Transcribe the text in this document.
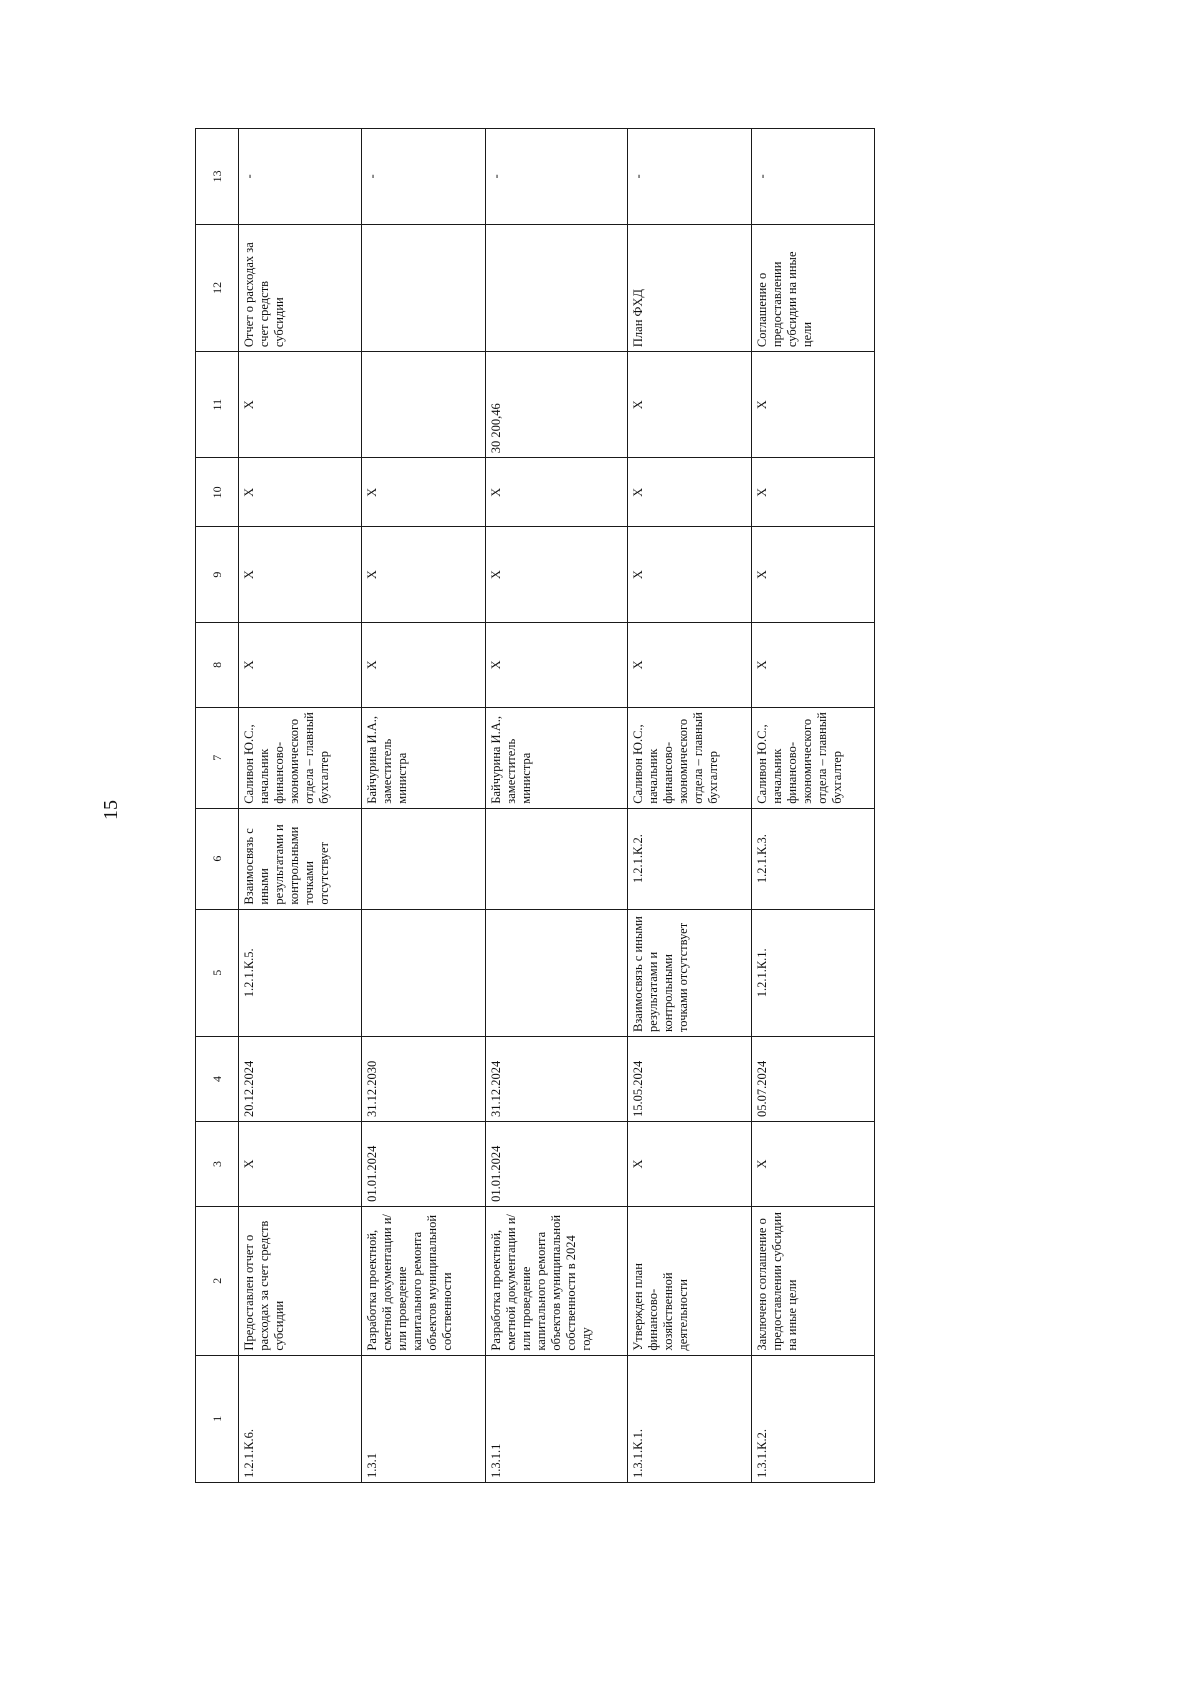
15
1	2	3	4	5	6	7	8	9	10	11	12	13
1.2.1.К.6.	Предоставлен отчет о расходах за счет средств субсидии	Х	20.12.2024	1.2.1.К.5.	Взаимосвязь с иными результатами и контрольными точками отсутствует	Саливон Ю.С., начальник финансово-экономического отдела – главный бухгалтер	Х	Х	Х	Х	Отчет о расходах за счет средств субсидии	-
1.3.1	Разработка проектной, сметной документации и/или проведение капитального ремонта объектов муниципальной собственности	01.01.2024	31.12.2030			Байчурина И.А., заместитель министра	Х	Х	Х			-
1.3.1.1	Разработка проектной, сметной документации и/или проведение капитального ремонта объектов муниципальной собственности в 2024 году	01.01.2024	31.12.2024			Байчурина И.А., заместитель министра	Х	Х	Х	30 200,46		-
1.3.1.К.1.	Утвержден план финансово-хозяйственной деятельности	Х	15.05.2024	Взаимосвязь с иными результатами и контрольными точками отсутствует	1.2.1.К.2.	Саливон Ю.С., начальник финансово-экономического отдела – главный бухгалтер	Х	Х	Х	Х	План ФХД	-
1.3.1.К.2.	Заключено соглашение о предоставлении субсидии на иные цели	Х	05.07.2024	1.2.1.К.1.	1.2.1.К.3.	Саливон Ю.С., начальник финансово-экономического отдела – главный бухгалтер	Х	Х	Х	Х	Соглашение о предоставлении субсидии на иные цели	-
